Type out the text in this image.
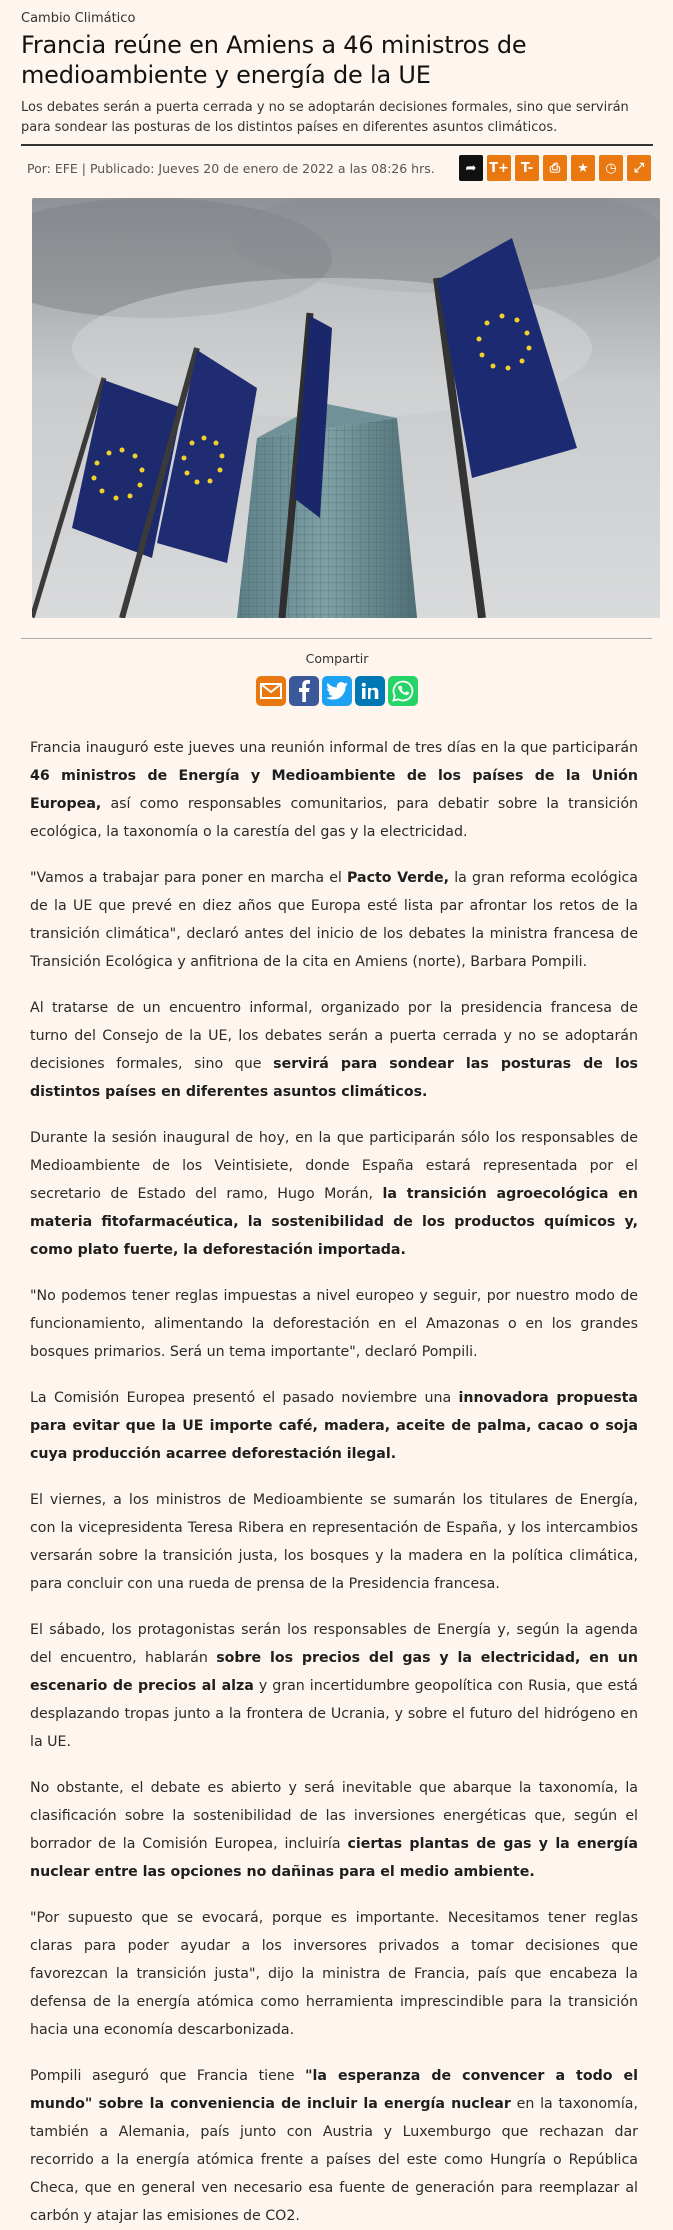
Cambio Climático
Francia reúne en Amiens a 46 ministros de medioambiente y energía de la UE
Los debates serán a puerta cerrada y no se adoptarán decisiones formales, sino que servirán para sondear las posturas de los distintos países en diferentes asuntos climáticos.
Por: EFE | Publicado: Jueves 20 de enero de 2022 a las 08:26 hrs.	➦ T+ T-	⎙	★	◷	⤢
Compartir

Francia inauguró este jueves una reunión informal de tres días en la que participarán 46 ministros de Energía y Medioambiente de los países de la Unión Europea, así como responsables comunitarios, para debatir sobre la transición ecológica, la taxonomía o la carestía del gas y la electricidad.

"Vamos a trabajar para poner en marcha el Pacto Verde, la gran reforma ecológica de la UE que prevé en diez años que Europa esté lista par afrontar los retos de la transición climática", declaró antes del inicio de los debates la ministra francesa de Transición Ecológica y anfitriona de la cita en Amiens (norte), Barbara Pompili.

Al tratarse de un encuentro informal, organizado por la presidencia francesa de turno del Consejo de la UE, los debates serán a puerta cerrada y no se adoptarán decisiones formales, sino que servirá para sondear las posturas de los distintos países en diferentes asuntos climáticos.

Durante la sesión inaugural de hoy, en la que participarán sólo los responsables de Medioambiente de los Veintisiete, donde España estará representada por el secretario de Estado del ramo, Hugo Morán, la transición agroecológica en materia fitofarmacéutica, la sostenibilidad de los productos químicos y, como plato fuerte, la deforestación importada.

"No podemos tener reglas impuestas a nivel europeo y seguir, por nuestro modo de funcionamiento, alimentando la deforestación en el Amazonas o en los grandes bosques primarios. Será un tema importante", declaró Pompili.

La Comisión Europea presentó el pasado noviembre una innovadora propuesta para evitar que la UE importe café, madera, aceite de palma, cacao o soja cuya producción acarree deforestación ilegal.

El viernes, a los ministros de Medioambiente se sumarán los titulares de Energía, con la vicepresidenta Teresa Ribera en representación de España, y los intercambios versarán sobre la transición justa, los bosques y la madera en la política climática, para concluir con una rueda de prensa de la Presidencia francesa.

El sábado, los protagonistas serán los responsables de Energía y, según la agenda del encuentro, hablarán sobre los precios del gas y la electricidad, en un escenario de precios al alza y gran incertidumbre geopolítica con Rusia, que está desplazando tropas junto a la frontera de Ucrania, y sobre el futuro del hidrógeno en la UE.

No obstante, el debate es abierto y será inevitable que abarque la taxonomía, la clasificación sobre la sostenibilidad de las inversiones energéticas que, según el borrador de la Comisión Europea, incluiría ciertas plantas de gas y la energía nuclear entre las opciones no dañinas para el medio ambiente.

"Por supuesto que se evocará, porque es importante. Necesitamos tener reglas claras para poder ayudar a los inversores privados a tomar decisiones que favorezcan la transición justa", dijo la ministra de Francia, país que encabeza la defensa de la energía atómica como herramienta imprescindible para la transición hacia una economía descarbonizada.

Pompili aseguró que Francia tiene "la esperanza de convencer a todo el mundo" sobre la conveniencia de incluir la energía nuclear en la taxonomía, también a Alemania, país junto con Austria y Luxemburgo que rechazan dar recorrido a la energía atómica frente a países del este como Hungría o República Checa, que en general ven necesario esa fuente de generación para reemplazar al carbón y atajar las emisiones de CO2.
